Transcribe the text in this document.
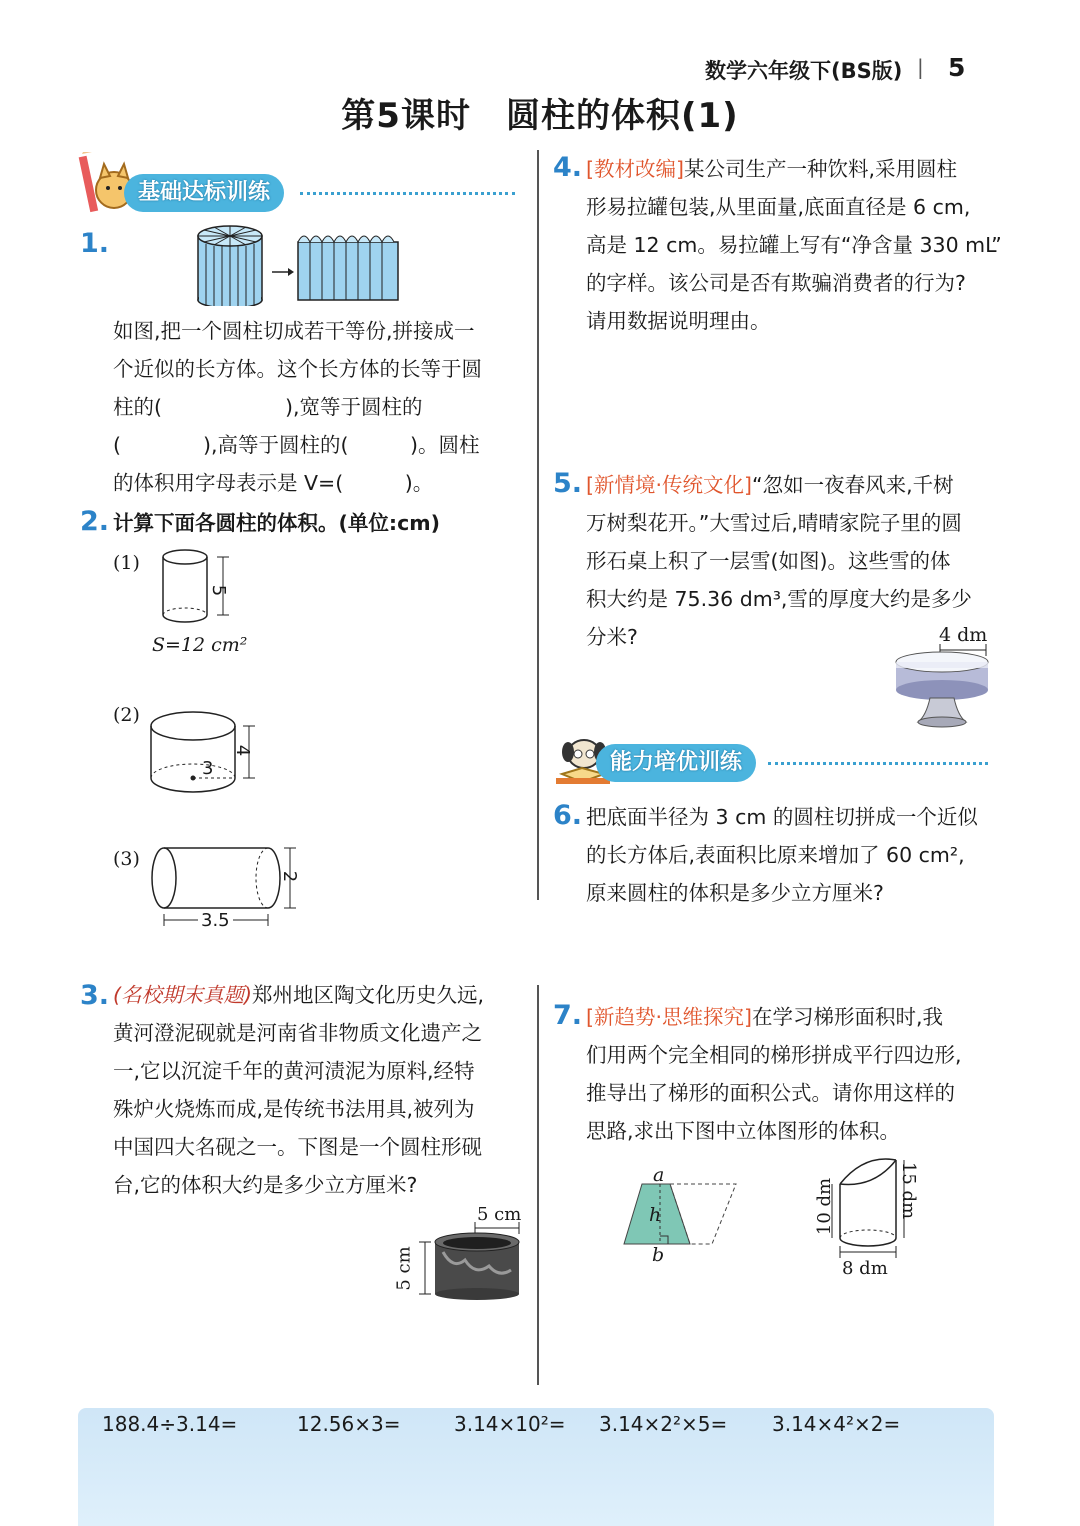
数学六年级下(BS版) | 5
第5课时　圆柱的体积(1)
基础达标训练
1.
如图,把一个圆柱切成若干等份,拼接成一
个近似的长方体。这个长方体的长等于圆
柱的(　　　　　　),宽等于圆柱的
(　　　　),高等于圆柱的(　　　)。圆柱
的体积用字母表示是 V=(　　　)。
2. 计算下面各圆柱的体积。(单位:cm)
(1)
5
S=12 cm²
(2)
3
4
(3)
2
3.5
3. (名校期末真题)郑州地区陶文化历史久远,
黄河澄泥砚就是河南省非物质文化遗产之
一,它以沉淀千年的黄河渍泥为原料,经特
殊炉火烧炼而成,是传统书法用具,被列为
中国四大名砚之一。下图是一个圆柱形砚
台,它的体积大约是多少立方厘米?
5 cm
5 cm
4. [教材改编]某公司生产一种饮料,采用圆柱
形易拉罐包装,从里面量,底面直径是 6 cm,
高是 12 cm。易拉罐上写有“净含量 330 mL”
的字样。该公司是否有欺骗消费者的行为?
请用数据说明理由。
5. [新情境·传统文化]“忽如一夜春风来,千树
万树梨花开。”大雪过后,晴晴家院子里的圆
形石桌上积了一层雪(如图)。这些雪的体
积大约是 75.36 dm³,雪的厚度大约是多少
分米?	4 dm
能力培优训练
6. 把底面半径为 3 cm 的圆柱切拼成一个近似
的长方体后,表面积比原来增加了 60 cm²,
原来圆柱的体积是多少立方厘米?
7. [新趋势·思维探究]在学习梯形面积时,我
们用两个完全相同的梯形拼成平行四边形,
推导出了梯形的面积公式。请你用这样的
思路,求出下图中立体图形的体积。
a
h
b
10 dm	15 dm
8 dm
188.4÷3.14=	12.56×3=	3.14×10²= 3.14×2²×5= 3.14×4²×2=
